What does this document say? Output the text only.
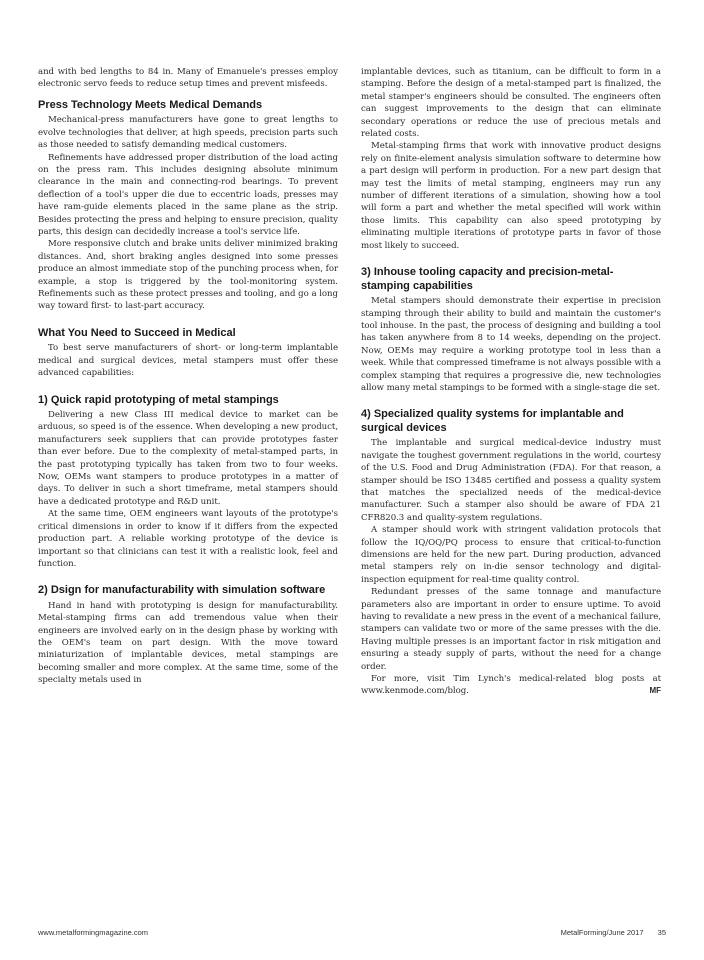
and with bed lengths to 84 in. Many of Emanuele's presses employ electronic servo feeds to reduce setup times and prevent misfeeds.

Press Technology Meets Medical Demands

Mechanical-press manufacturers have gone to great lengths to evolve technologies that deliver, at high speeds, precision parts such as those needed to satisfy demanding medical customers.

Refinements have addressed proper distribution of the load acting on the press ram. This includes designing absolute minimum clearance in the main and connecting-rod bearings. To prevent deflection of a tool's upper die due to eccentric loads, presses may have ram-guide elements placed in the same plane as the strip. Besides protecting the press and helping to ensure precision, quality parts, this design can decidedly increase a tool's service life.

More responsive clutch and brake units deliver minimized braking distances. And, short braking angles designed into some presses produce an almost immediate stop of the punching process when, for example, a stop is triggered by the tool-monitoring system. Refinements such as these protect presses and tooling, and go a long way toward first- to last-part accuracy.

What You Need to Succeed in Medical

To best serve manufacturers of short- or long-term implantable medical and surgical devices, metal stampers must offer these advanced capabilities:

1) Quick rapid prototyping of metal stampings

Delivering a new Class III medical device to market can be arduous, so speed is of the essence. When developing a new product, manufacturers seek suppliers that can provide prototypes faster than ever before. Due to the complexity of metal-stamped parts, in the past prototyping typically has taken from two to four weeks. Now, OEMs want stampers to produce prototypes in a matter of days. To deliver in such a short timeframe, metal stampers should have a dedicated prototype and R&D unit.

At the same time, OEM engineers want layouts of the prototype's critical dimensions in order to know if it differs from the expected production part. A reliable working prototype of the device is important so that clinicians can test it with a realistic look, feel and function.

2) Dsign for manufacturability with simulation software

Hand in hand with prototyping is design for manufacturability. Metal-stamping firms can add tremendous value when their engineers are involved early on in the design phase by working with the OEM's team on part design. With the move toward miniaturization of implantable devices, metal stampings are becoming smaller and more complex. At the same time, some of the specialty metals used in

implantable devices, such as titanium, can be difficult to form in a stamping. Before the design of a metal-stamped part is finalized, the metal stamper's engineers should be consulted. The engineers often can suggest improvements to the design that can eliminate secondary operations or reduce the use of precious metals and related costs.

Metal-stamping firms that work with innovative product designs rely on finite-element analysis simulation software to determine how a part design will perform in production. For a new part design that may test the limits of metal stamping, engineers may run any number of different iterations of a simulation, showing how a tool will form a part and whether the metal specified will work within those limits. This capability can also speed prototyping by eliminating multiple iterations of prototype parts in favor of those most likely to succeed.

3) Inhouse tooling capacity and precision-metal-stamping capabilities

Metal stampers should demonstrate their expertise in precision stamping through their ability to build and maintain the customer's tool inhouse. In the past, the process of designing and building a tool has taken anywhere from 8 to 14 weeks, depending on the project. Now, OEMs may require a working prototype tool in less than a week. While that compressed timeframe is not always possible with a complex stamping that requires a progressive die, new technologies allow many metal stampings to be formed with a single-stage die set.

4) Specialized quality systems for implantable and surgical devices

The implantable and surgical medical-device industry must navigate the toughest government regulations in the world, courtesy of the U.S. Food and Drug Administration (FDA). For that reason, a stamper should be ISO 13485 certified and possess a quality system that matches the specialized needs of the medical-device manufacturer. Such a stamper also should be aware of FDA 21 CFR820.3 and quality-system regulations.

A stamper should work with stringent validation protocols that follow the IQ/OQ/PQ process to ensure that critical-to-function dimensions are held for the new part. During production, advanced metal stampers rely on in-die sensor technology and digital-inspection equipment for real-time quality control.

Redundant presses of the same tonnage and manufacture parameters also are important in order to ensure uptime. To avoid having to revalidate a new press in the event of a mechanical failure, stampers can validate two or more of the same presses with the die. Having multiple presses is an important factor in risk mitigation and ensuring a steady supply of parts, without the need for a change order.

For more, visit Tim Lynch's medical-related blog posts at www.kenmode.com/blog.	MF

www.metalformingmagazine.com	MetalForming/June 2017 35
